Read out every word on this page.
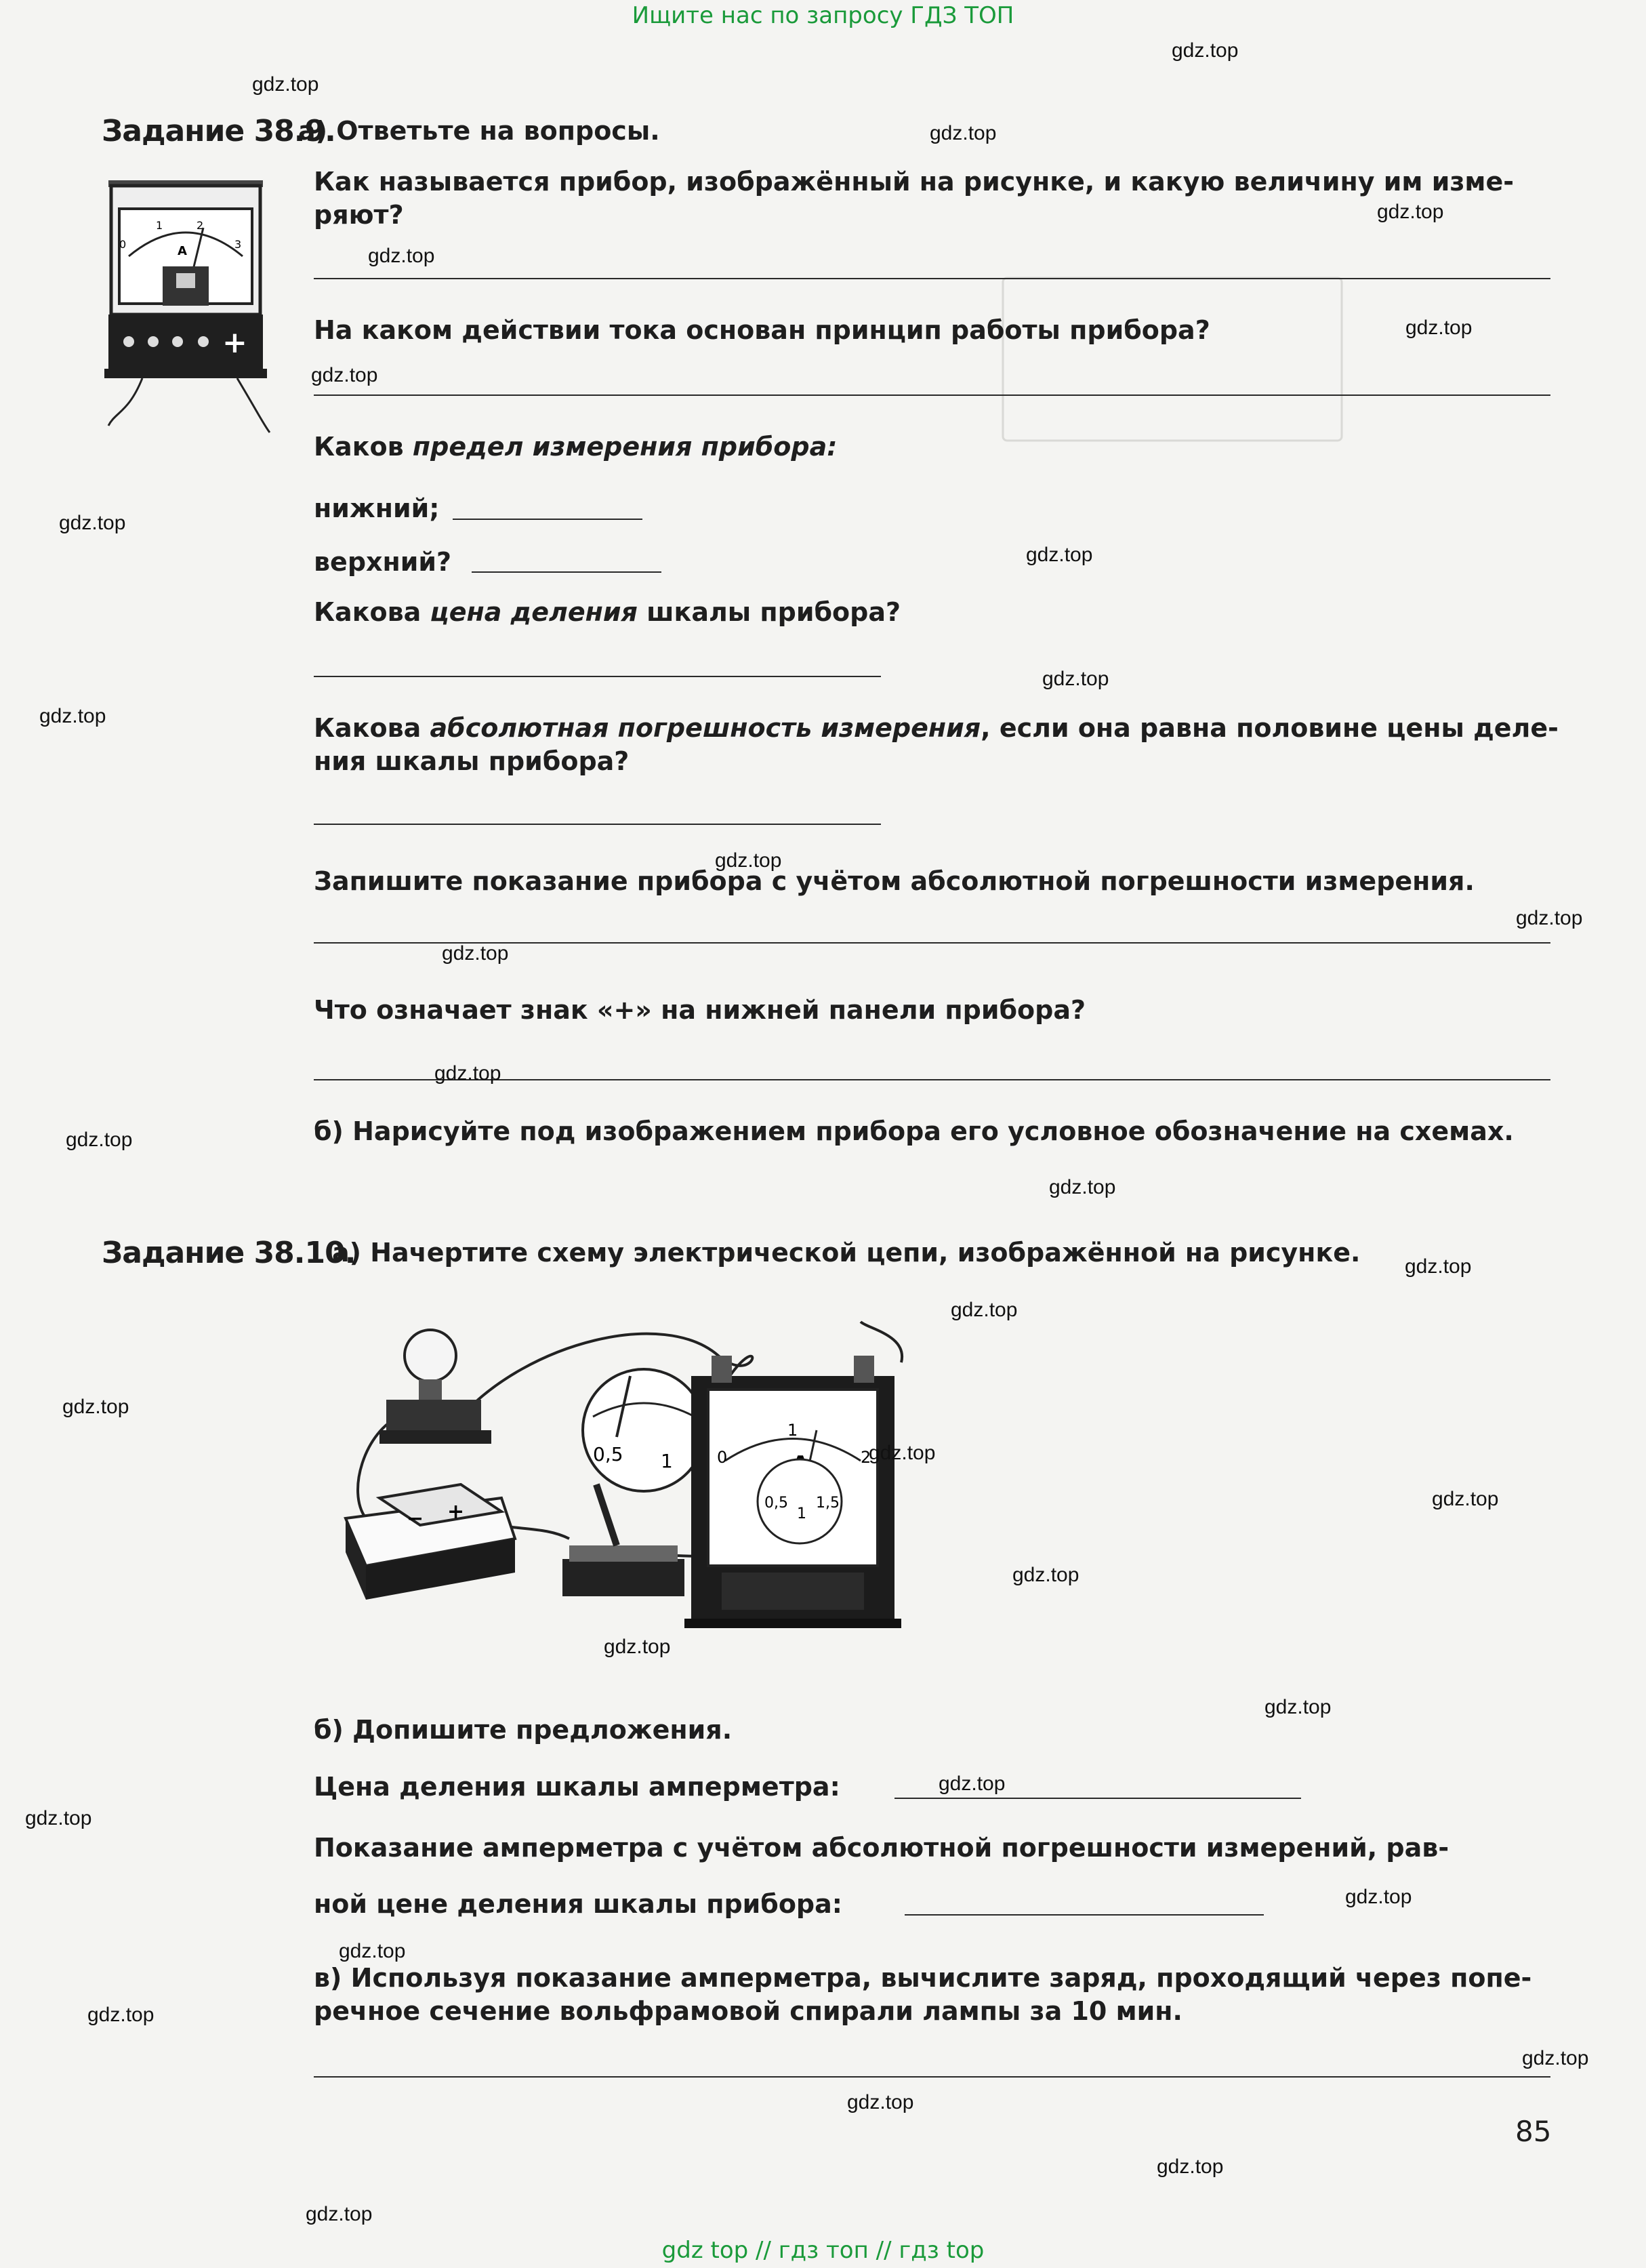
Ищите нас по запросу ГДЗ ТОП
Задание 38.9.
а) Ответьте на вопросы.
0
1	2
3
A
+
Как называется прибор, изображённый на рисунке, и какую величину им изме-
ряют?
На каком действии тока основан принцип работы прибора?
Каков предел измерения прибора:
нижний;
верхний?
Какова цена деления шкалы прибора?
Какова абсолютная погрешность измерения, если она равна половине цены деле-
ния шкалы прибора?
Запишите показание прибора с учётом абсолютной погрешности измерения.
Что означает знак «+» на нижней панели прибора?
б) Нарисуйте под изображением прибора его условное обозначение на схемах.
Задание 38.10.
а) Начертите схему электрической цепи, изображённой на рисунке.
− +
0,5 1	0
1
2
0,5
1
1,5
б) Допишите предложения.
Цена деления шкалы амперметра:
Показание амперметра с учётом абсолютной погрешности измерений, рав-
ной цене деления шкалы прибора:
в) Используя показание амперметра, вычислите заряд, проходящий через попе-
речное сечение вольфрамовой спирали лампы за 10 мин.
85
gdz.top
gdz.top
gdz.top
gdz.top
gdz.top
gdz.top
gdz.top
gdz.top
gdz.top
gdz.top
gdz.top
gdz.top
gdz.top
gdz.top
gdz.top
gdz.top
gdz.top
gdz.top
gdz.top
gdz.top
gdz.top
gdz.top
gdz.top
gdz.top
gdz.top
gdz.top
gdz.top
gdz.top
gdz.top
gdz.top
gdz.top
gdz.top
gdz.top
gdz.top
gdz top // гдз топ // гдз top
